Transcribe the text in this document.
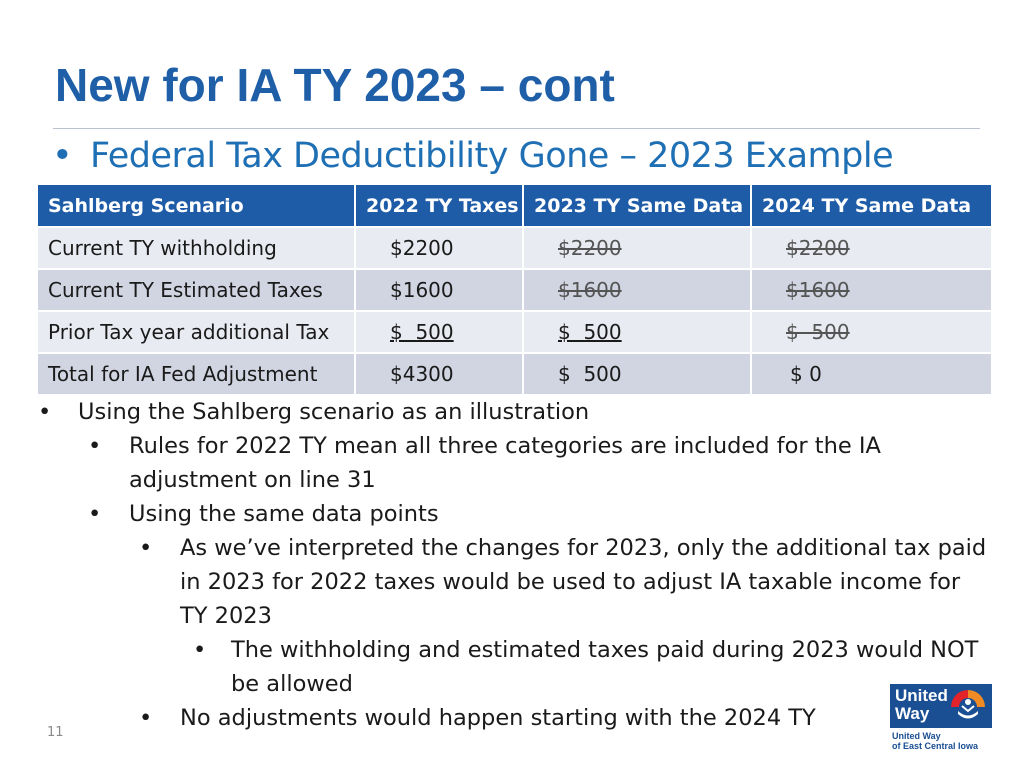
New for IA TY 2023 – cont
• Federal Tax Deductibility Gone – 2023 Example
Sahlberg Scenario	2022 TY Taxes	2023 TY Same Data	2024 TY Same Data
Current TY withholding	$2200	$2200	$2200
Current TY Estimated Taxes	$1600	$1600	$1600
Prior Tax year additional Tax	$  500	$  500	$  500
Total for IA Fed Adjustment	$4300	$  500	$ 0
• Using the Sahlberg scenario as an illustration
• Rules for 2022 TY mean all three categories are included for the IA adjustment on line 31
• Using the same data points
• As we’ve interpreted the changes for 2023, only the additional tax paid in 2023 for 2022 taxes would be used to adjust IA taxable income for TY 2023
• The withholding and estimated taxes paid during 2023 would NOT be allowed
• No adjustments would happen starting with the 2024 TY
11
United
Way
United Way
of East Central Iowa
